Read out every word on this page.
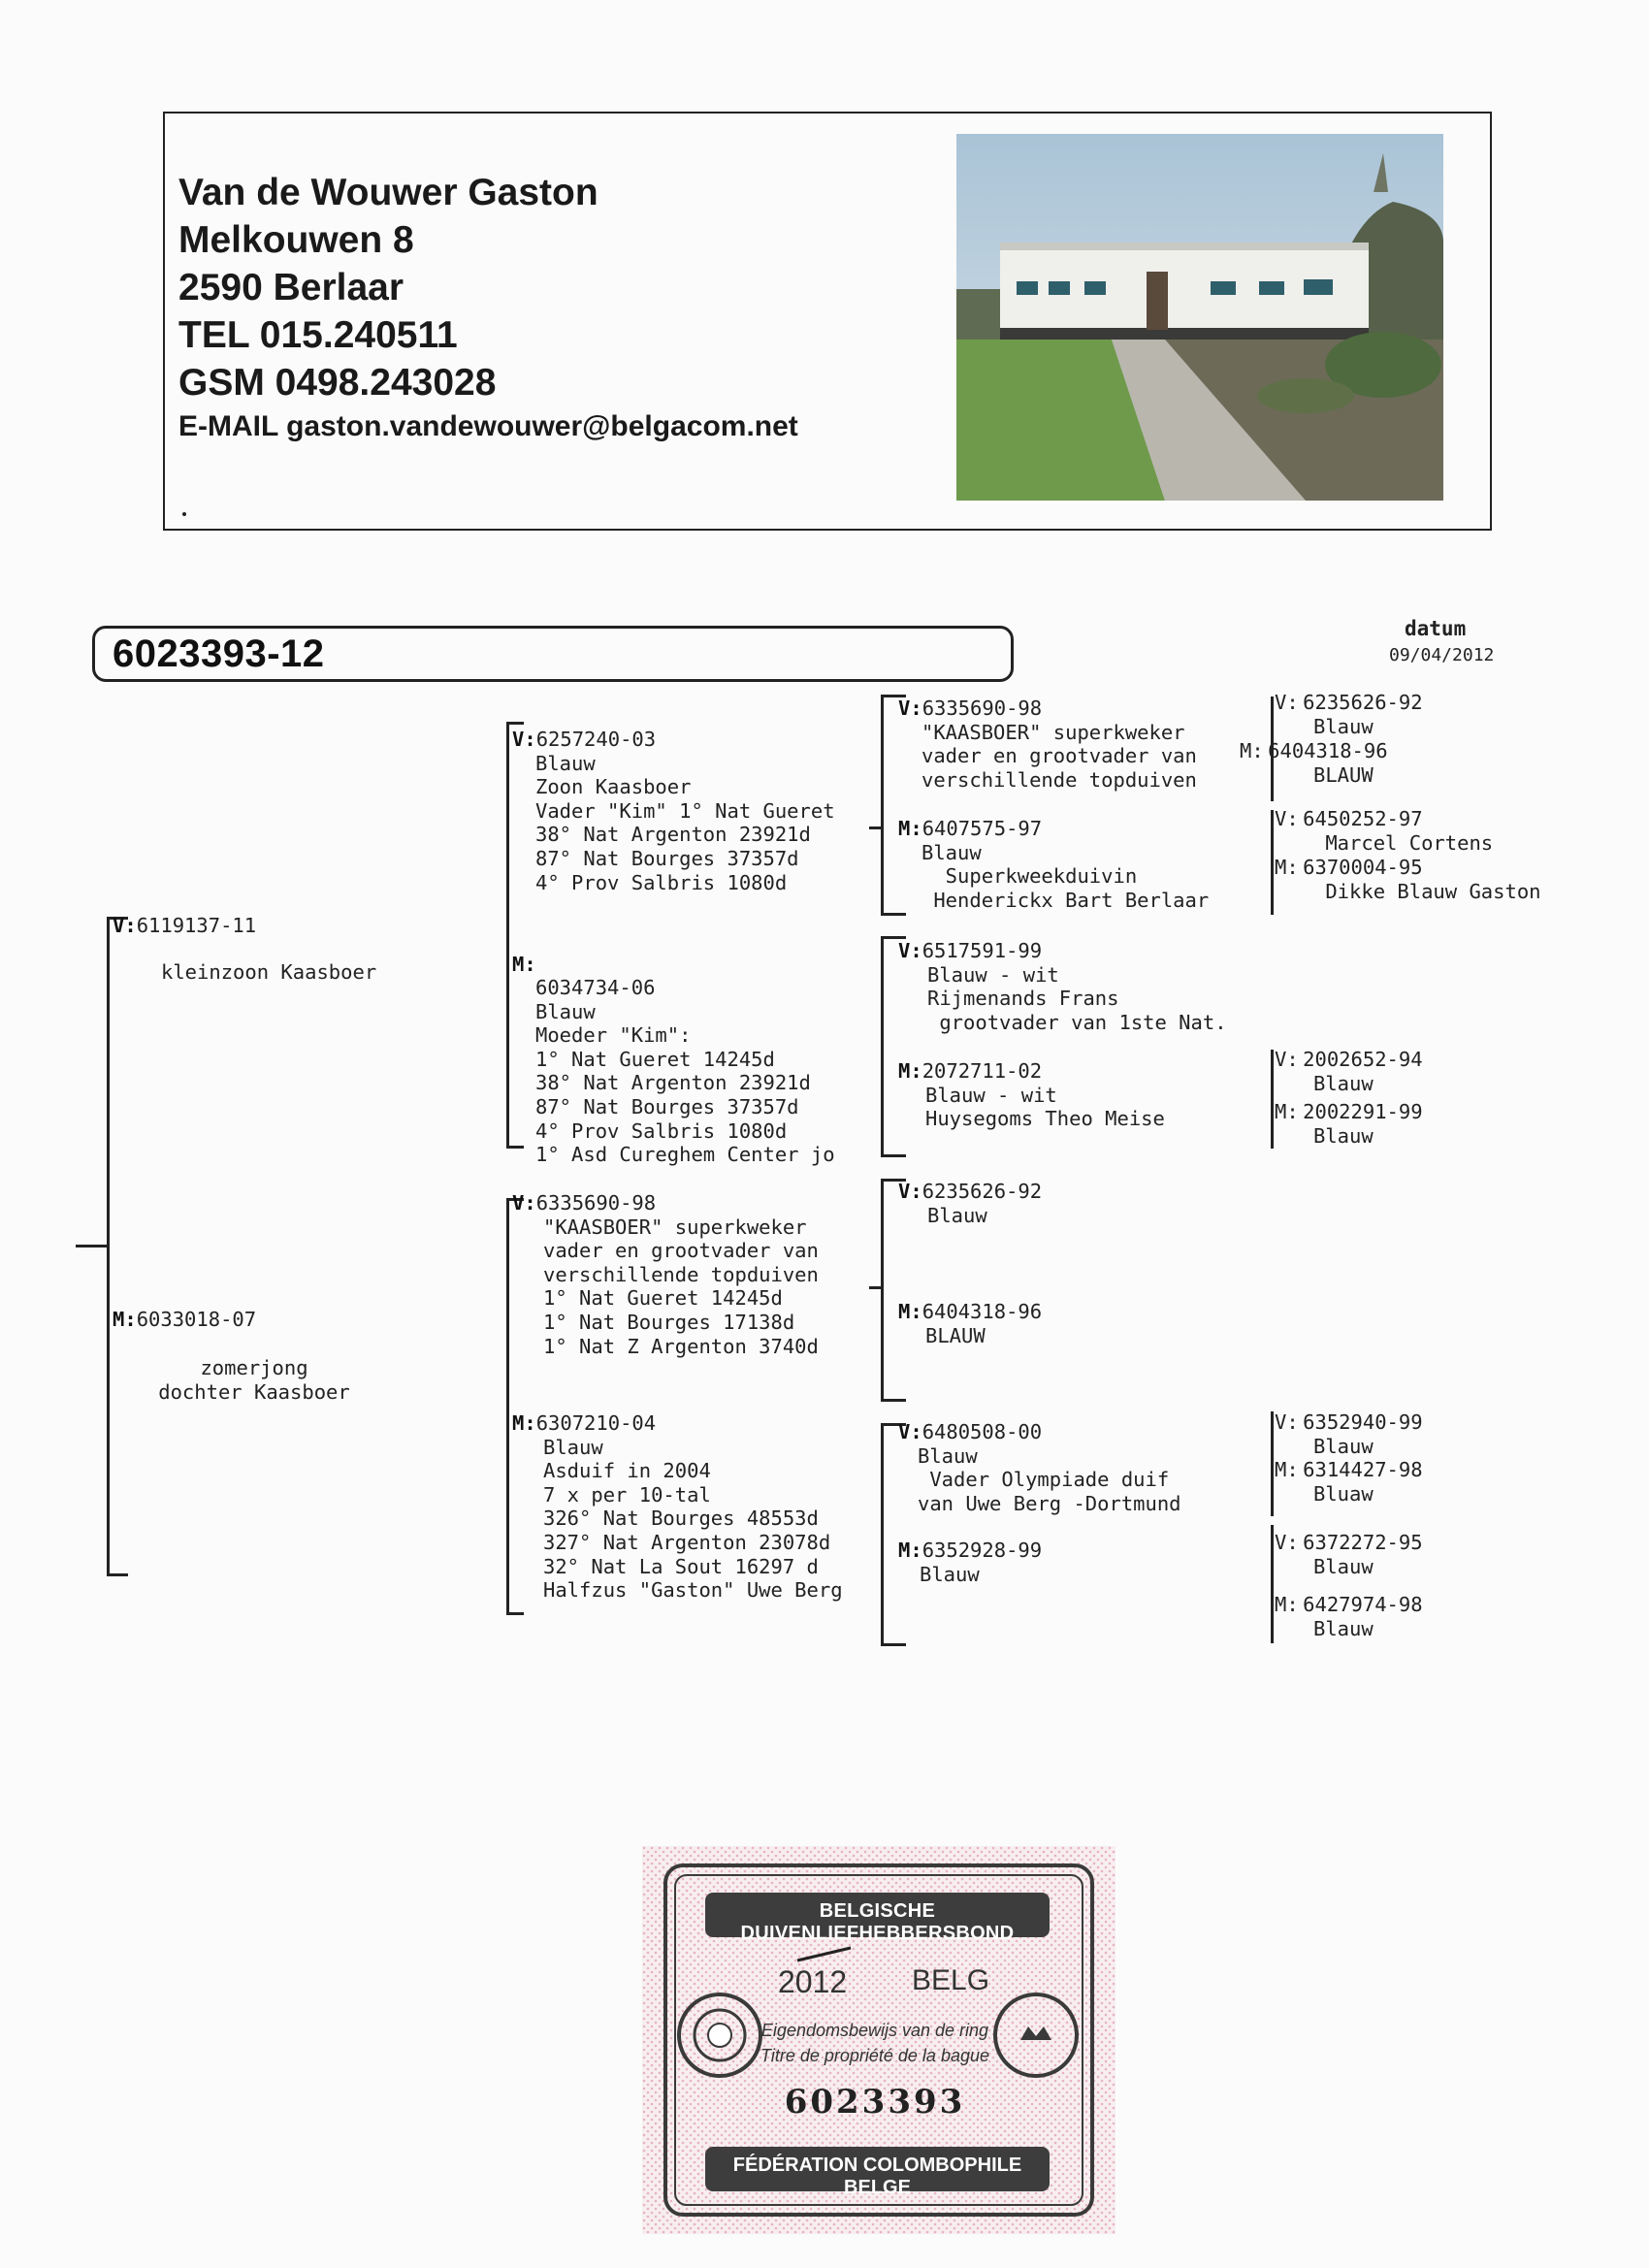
Van de Wouwer Gaston
Melkouwen 8
2590 Berlaar
TEL 015.240511
GSM 0498.243028
E-MAIL gaston.vandewouwer@belgacom.net
6023393-12
datum
09/04/2012
V:6119137-11
kleinzoon Kaasboer
M:6033018-07
zomerjong
dochter Kaasboer
V:6257240-03
Blauw
Zoon Kaasboer
Vader "Kim" 1° Nat Gueret
38° Nat Argenton 23921d
87° Nat Bourges 37357d
4° Prov Salbris 1080d
M:
6034734-06
Blauw
Moeder "Kim":
1° Nat Gueret 14245d
38° Nat Argenton 23921d
87° Nat Bourges 37357d
4° Prov Salbris 1080d
1° Asd Cureghem Center jo
V:6335690-98
"KAASBOER" superkweker
vader en grootvader van
verschillende topduiven
1° Nat Gueret 14245d
1° Nat Bourges 17138d
1° Nat Z Argenton 3740d
M:6307210-04
Blauw
Asduif in 2004
7 x per 10-tal
326° Nat Bourges 48553d
327° Nat Argenton 23078d
32° Nat La Sout 16297 d
Halfzus "Gaston" Uwe Berg
V:6335690-98
"KAASBOER" superkweker
vader en grootvader van
verschillende topduiven
M:6407575-97
Blauw
Superkweekduivin
Henderickx Bart Berlaar
V:6517591-99
Blauw - wit
Rijmenands Frans
grootvader van 1ste Nat.
M:2072711-02
Blauw - wit
Huysegoms Theo Meise
V:6235626-92
Blauw
M:6404318-96
BLAUW
V:6480508-00
Blauw
Vader Olympiade duif
van Uwe Berg -Dortmund
M:6352928-99
Blauw
V: 6235626-92
Blauw
M: 6404318-96
BLAUW
V: 6450252-97
Marcel Cortens
M: 6370004-95
Dikke Blauw Gaston
V: 2002652-94
Blauw
M: 2002291-99
Blauw
V: 6352940-99
Blauw
M: 6314427-98
Bluaw
V: 6372272-95
Blauw
M: 6427974-98
Blauw
BELGISCHE DUIVENLIEFHEBBERSBOND
2012 BELG
Eigendomsbewijs van de ring
Titre de propriété de la bague
6023393
FÉDÉRATION COLOMBOPHILE BELGE
